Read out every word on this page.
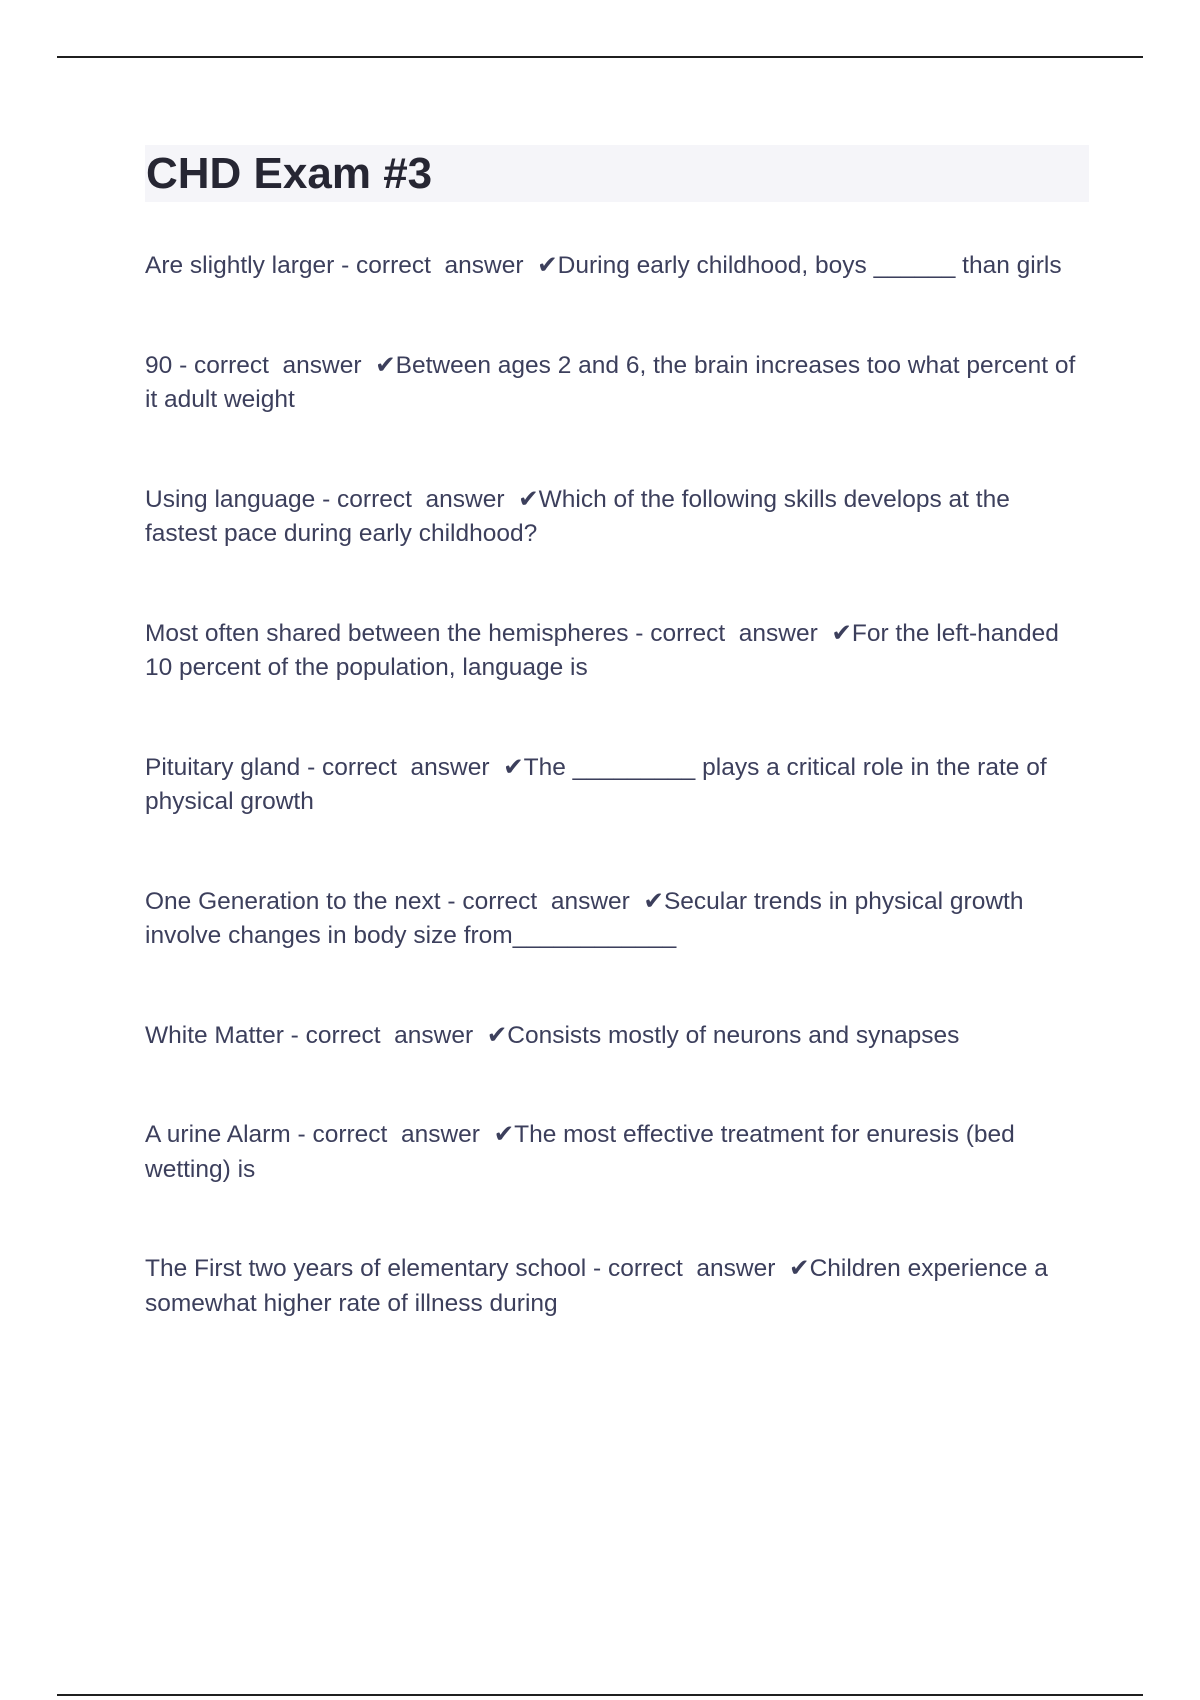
CHD Exam #3
Are slightly larger - correct  answer  ✔During early childhood, boys ______ than girls
90 - correct  answer  ✔Between ages 2 and 6, the brain increases too what percent of it adult weight
Using language - correct  answer  ✔Which of the following skills develops at the fastest pace during early childhood?
Most often shared between the hemispheres - correct  answer  ✔For the left-handed 10 percent of the population, language is
Pituitary gland - correct  answer  ✔The _________ plays a critical role in the rate of physical growth
One Generation to the next - correct  answer  ✔Secular trends in physical growth involve changes in body size from____________
White Matter - correct  answer  ✔Consists mostly of neurons and synapses
A urine Alarm - correct  answer  ✔The most effective treatment for enuresis (bed wetting) is
The First two years of elementary school - correct  answer  ✔Children experience a somewhat higher rate of illness during
